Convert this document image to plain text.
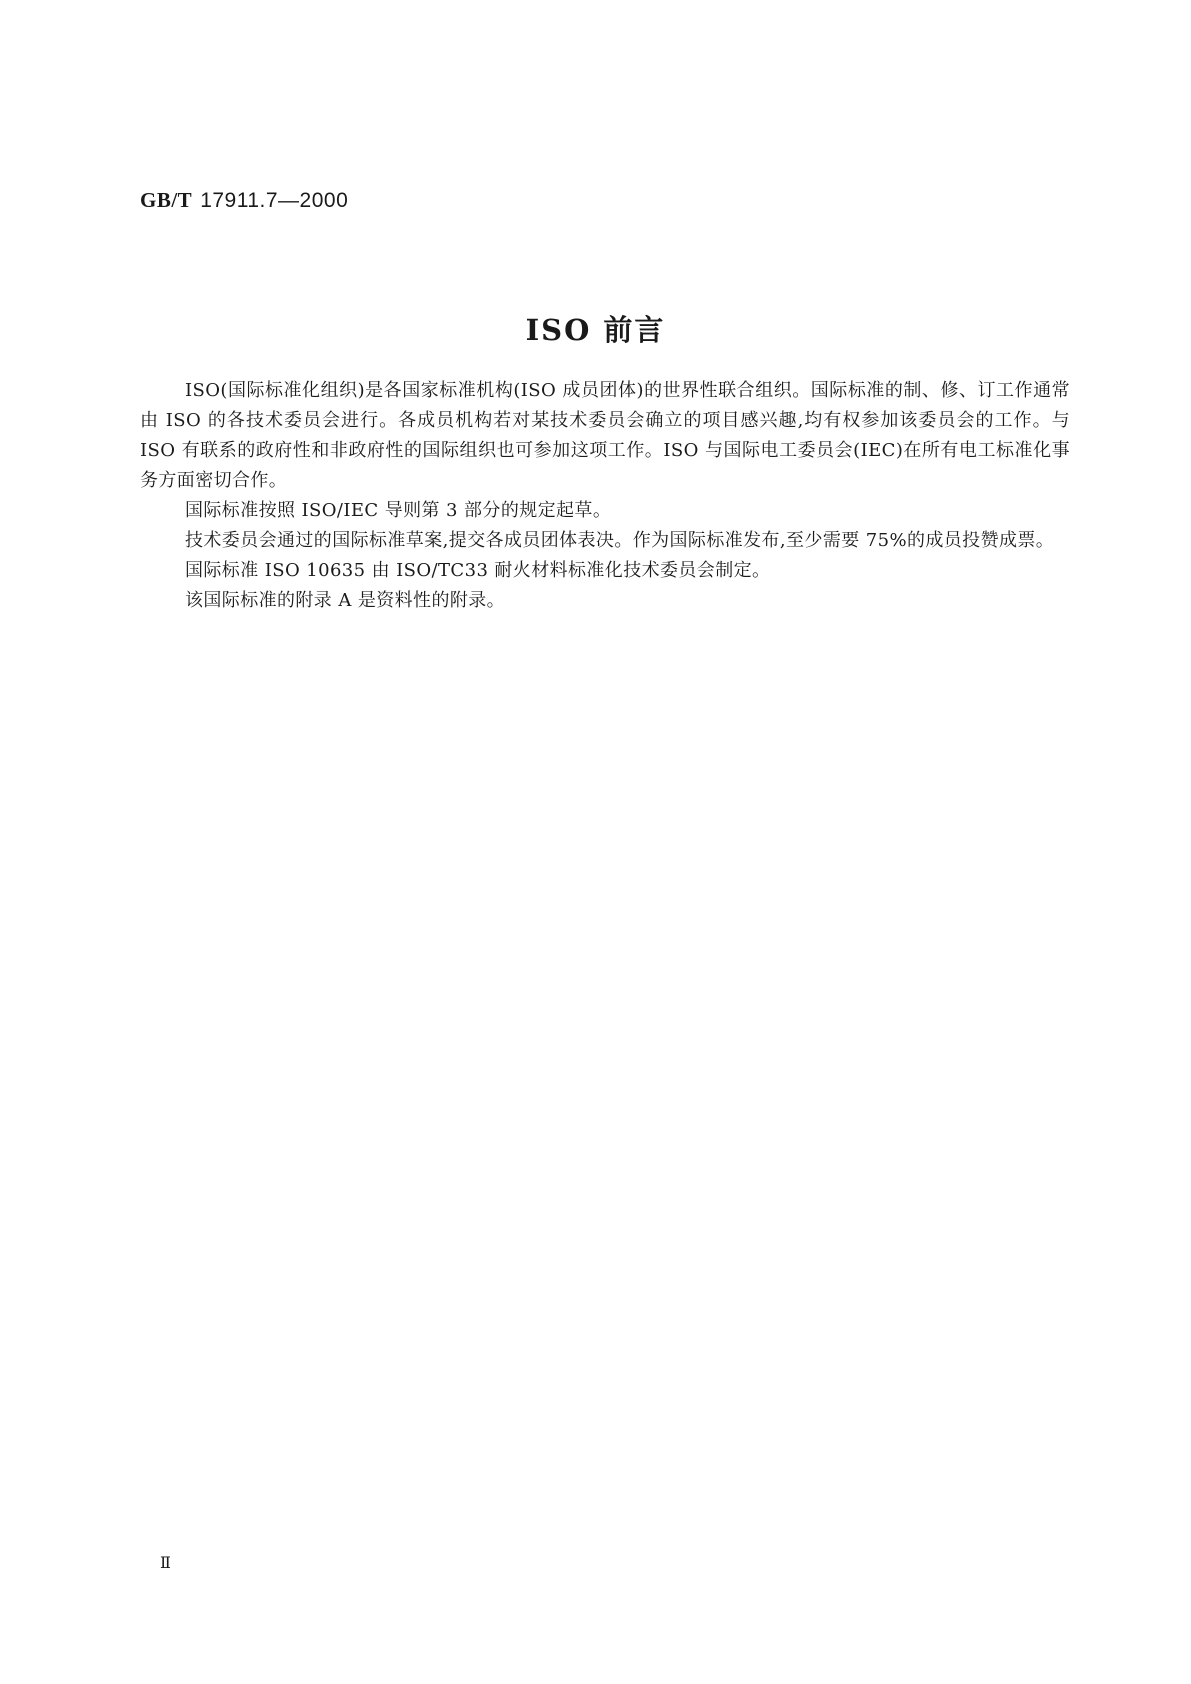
GB/T 17911.7—2000
ISO 前言

ISO(国际标准化组织)是各国家标准机构(ISO 成员团体)的世界性联合组织。国际标准的制、修、订工作通常由 ISO 的各技术委员会进行。各成员机构若对某技术委员会确立的项目感兴趣,均有权参加该委员会的工作。与 ISO 有联系的政府性和非政府性的国际组织也可参加这项工作。ISO 与国际电工委员会(IEC)在所有电工标准化事务方面密切合作。

国际标准按照 ISO/IEC 导则第 3 部分的规定起草。

技术委员会通过的国际标准草案,提交各成员团体表决。作为国际标准发布,至少需要 75%的成员投赞成票。

国际标准 ISO 10635 由 ISO/TC33 耐火材料标准化技术委员会制定。

该国际标准的附录 A 是资料性的附录。

Ⅱ
